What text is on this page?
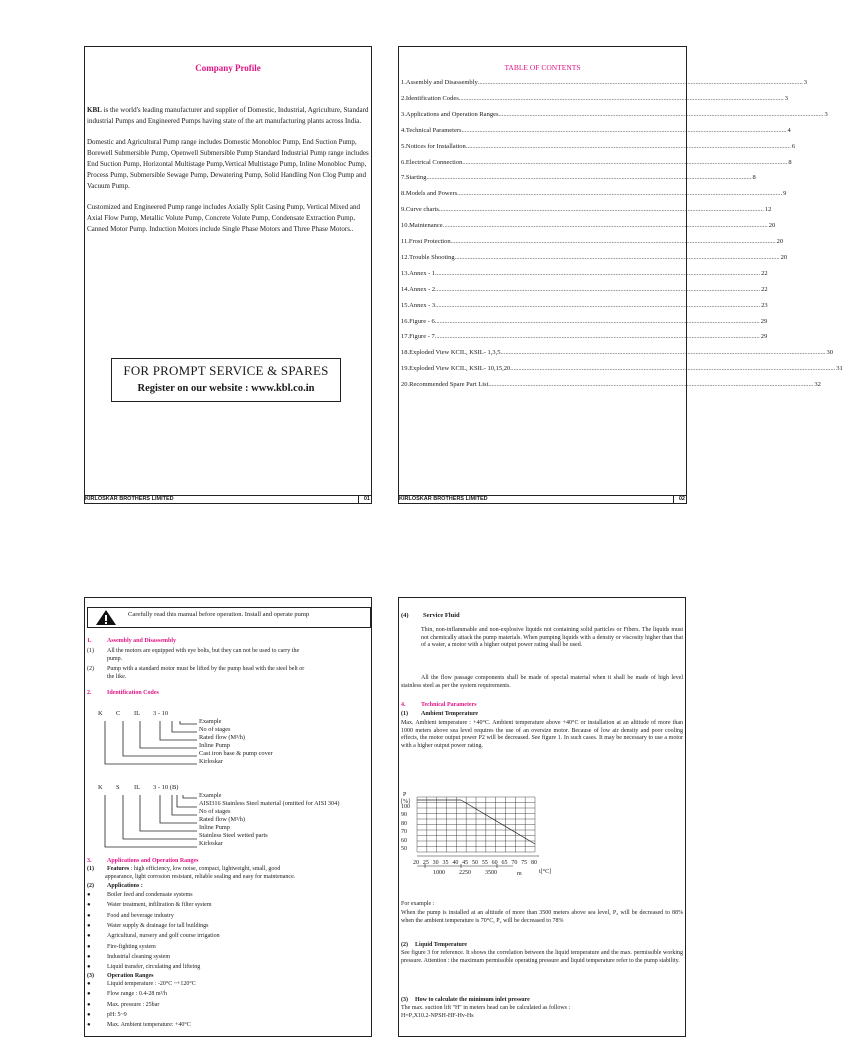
Company Profile
KBL is the world's leading manufacturer and supplier of Domestic, Industrial, Agriculture, Standard industrial Pumps and Engineered Pumps having state of the art manufacturing plants across India.
Domestic and Agricultural Pump range includes Domestic Monobloc Pump, End Suction Pump, Borewell Submersible Pump, Openwell Submersible Pump Standard Industrial Pump range includes End Suction Pump, Horizontal Multistage Pump,Vertical Multistage Pump, Inline Monobloc Pump, Process Pump, Submersible Sewage Pump, Dewatering Pump, Solid Handling Non Clog Pump and Vacuum Pump.
Customized and Engineered Pump range includes Axially Split Casing Pump, Vertical Mixed and Axial Flow Pump, Metallic Volute Pump, Concrete Volute Pump, Condensate Extraction Pump, Canned Motor Pump. Induction Motors include Single Phase Motors and Three Phase Motors..
FOR PROMPT SERVICE & SPARES
Register on our website : www.kbl.co.in
KIRLOSKAR BROTHERS LIMITED	01
TABLE OF CONTENTS
1. Assembly and Disassembly ........................................................................................................................................................................................................ 3
2. Identification Codes ........................................................................................................................................................................................................ 3
3. Applications and Operation Ranges ........................................................................................................................................................................................................ 3
4. Technical Parameters ........................................................................................................................................................................................................ 4
5. Notices for Installation ........................................................................................................................................................................................................ 6
6. Electrical Connection ........................................................................................................................................................................................................ 8
7. Starting ........................................................................................................................................................................................................ 8
8. Models and Powers ........................................................................................................................................................................................................ 9
9. Curve charts ........................................................................................................................................................................................................ 12
10. Maintenance ........................................................................................................................................................................................................ 20
11. Frost Protection ........................................................................................................................................................................................................ 20
12. Trouble Shooting ........................................................................................................................................................................................................ 20
13. Annex - 1 ........................................................................................................................................................................................................ 22
14. Annex - 2 ........................................................................................................................................................................................................ 22
15. Annex - 3 ........................................................................................................................................................................................................ 23
16. Figure - 6 ........................................................................................................................................................................................................ 29
17. Figure - 7 ........................................................................................................................................................................................................ 29
18. Exploded View KCIL, KSIL- 1,3,5 ........................................................................................................................................................................................................ 30
19. Exploded View KCIL, KSIL- 10,15,20 ........................................................................................................................................................................................................ 31
20. Recommended Spare Part List ........................................................................................................................................................................................................ 32
KIRLOSKAR BROTHERS LIMITED	02
Carefully read this manual before operation. Install and operate pump
1.	Assembly and Disassembly
(1) All the motors are equipped with eye bolts, but they can not be used to carry the
pump.
(2) Pump with a standard motor must be lifted by the pump head with the steel belt or
the like.
2.	Identification Codes
K C IL 3 - 10
Example
No of stages
Rated flow (M³/h)
Inline Pump
Cast iron base & pump cover
Kirloskar
K S IL 3 - 10 (B)
Example
AISI316 Stainless Steel material (omitted for AISI 304)
No of stages
Rated flow (M³/h)
Inline Pump
Stainless Steel wetted parts
Kirloskar
3.	Applications and Operation Ranges
(1) Features : high efficiency, low noise, compact, lightweight, small, good
appearance, light corrosion resistant, reliable sealing and easy for maintenance.
(2) Applications :
●	Boiler feed and condensate systems
●	Water treatment, infiltration & filter system
●	Food and beverage industry
●	Water supply & drainage for tall buildings
●	Agricultural, nursery and golf course irrigation
●	Fire-fighting system
●	Industrial cleaning system
●	Liquid transfer, circulating and lifteing
(3) Operation Ranges
●	Liquid temperature : -20°C ~+120°C
●	Flow range : 0.4-28 m³/h
●	Max. pressure : 25bar
●	pH: 5~9
●	Max. Ambient temperature: +40°C
(4) Service Fluid
Thin, non-inflammable and non-explosive liquids not containing solid particles or Fibers. The liquids must not chemically attack the pump materials. When pumping liquids with a density or viscosity higher than that of a water, a motor with a higher output power rating shall be used.
All the flow passage components shall be made of special material when it shall be made of high level stainless steel as per the system requirements.
4.	Technical Parameters
(1) Ambient Temperature
Max. Ambient temperature : +40°C. Ambient temperature above +40°C or installation at an altitude of more than 1000 meters above sea level requires the use of an oversize motor. Because of low air density and poor cooling effects, the motor output power P2 will be decreased. See figure 1. In such cases. It may be necessary to use a motor with a higher output power rating.
P
[%]
100
90
80
70
60
50
20 25 30 35 40 45 50 55 60 65 70 75 80
t[°C]
1000 2250 3500	m
For example :
When the pump is installed at an altitude of more than 3500 meters above sea level, P₂ will be decreased to 88% when the ambient temperature is 70°C, P₂ will be decreased to 78%
(2) Liquid Temperature
See figure 3 for reference. It shows the correlation between the liquid temperature and the max. permissible working pressure. Attention : the maximum permissible operating pressure and liquid temperature refer to the pump stability.
(3) How to calculate the minimum inlet pressure
The max. suction lift "H" in meters head can be calculated as follows :
H=PₐX10.2-NPSH-HF-Hv-Hs
